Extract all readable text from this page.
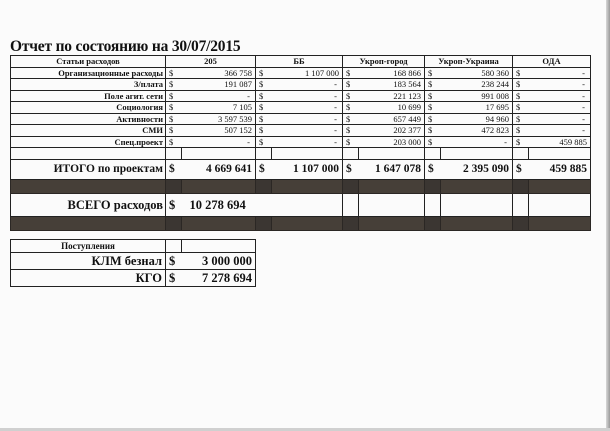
Отчет по состоянию на 30/07/2015
Статьи расходов	205		ББ		Укроп-город		Укроп-Украина		ОДА	
Организационные расходы	$	366 758	$	1 107 000	$	168 866	$	580 360	$	-
З/плата	$	191 087	$	-	$	183 564	$	238 244	$	-
Поле агит. сети	$	-	$	-	$	221 123	$	991 008	$	-
Социология	$	7 105	$	-	$	10 699	$	17 695	$	-
Активности	$	3 597 539	$	-	$	657 449	$	94 960	$	-
СМИ	$	507 152	$	-	$	202 377	$	472 823	$	-
Спец.проект	$	-	$	-	$	203 000	$	-	$	459 885

ИТОГО по проектам	$	4 669 641	$	1 107 000	$	1 647 078	$	2 395 090	$	459 885

ВСЕГО расходов	$	10 278 694								

Поступления		
КЛМ безнал	$	3 000 000
КГО	$	7 278 694
